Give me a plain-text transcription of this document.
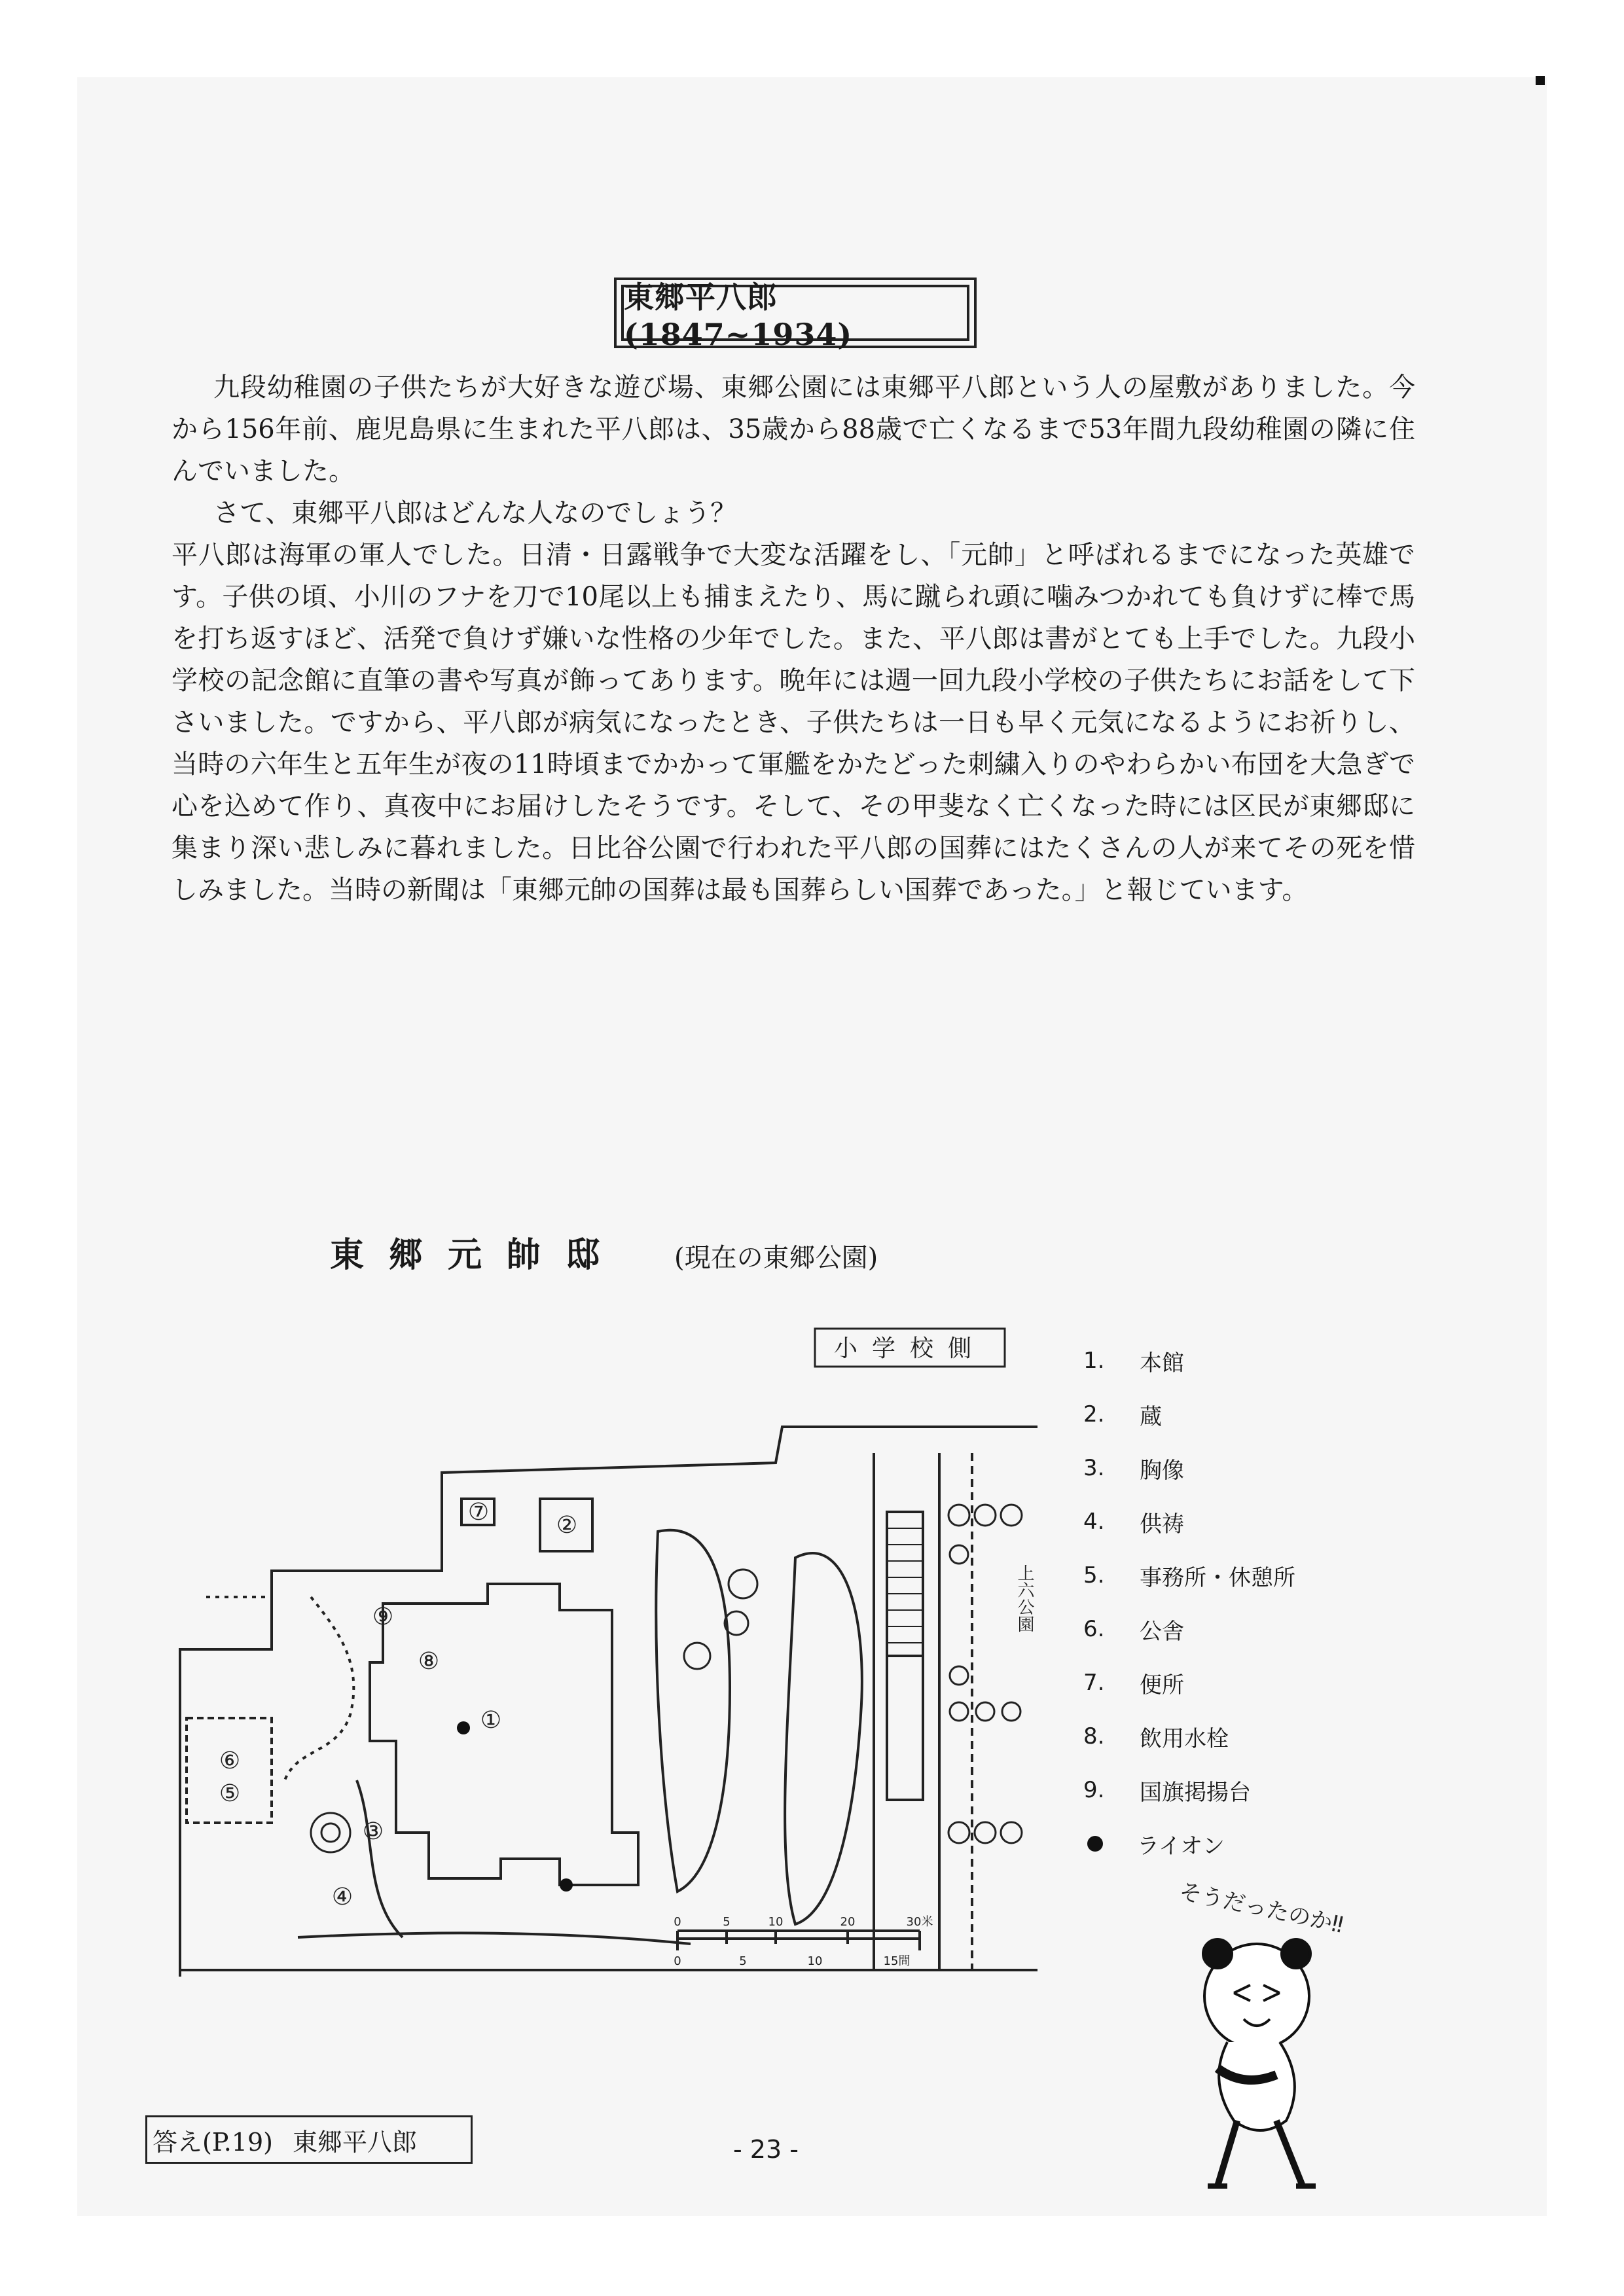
東郷平八郎(1847~1934)

九段幼稚園の子供たちが大好きな遊び場、東郷公園には東郷平八郎という人の屋敷がありました。今から156年前、鹿児島県に生まれた平八郎は、35歳から88歳で亡くなるまで53年間九段幼稚園の隣に住んでいました。

さて、東郷平八郎はどんな人なのでしょう？

平八郎は海軍の軍人でした。日清・日露戦争で大変な活躍をし、「元帥」と呼ばれるまでになった英雄です。子供の頃、小川のフナを刀で10尾以上も捕まえたり、馬に蹴られ頭に噛みつかれても負けずに棒で馬を打ち返すほど、活発で負けず嫌いな性格の少年でした。また、平八郎は書がとても上手でした。九段小学校の記念館に直筆の書や写真が飾ってあります。晩年には週一回九段小学校の子供たちにお話をして下さいました。ですから、平八郎が病気になったとき、子供たちは一日も早く元気になるようにお祈りし、当時の六年生と五年生が夜の11時頃までかかって軍艦をかたどった刺繍入りのやわらかい布団を大急ぎで心を込めて作り、真夜中にお届けしたそうです。そして、その甲斐なく亡くなった時には区民が東郷邸に集まり深い悲しみに暮れました。日比谷公園で行われた平八郎の国葬にはたくさんの人が来てその死を惜しみました。当時の新聞は「東郷元帥の国葬は最も国葬らしい国葬であった。」と報じています。

東郷元帥邸 (現在の東郷公園)
小学校側
上六公園
①
②
③
④
⑤
⑥
⑦
⑧
⑨
0	5	10	20	30米
0	5	10	15間
1.	本館
2.	蔵
3.	胸像
4.	供祷
5.	事務所・休憩所
6.	公舎
7.	便所
8.	飲用水栓
9.	国旗掲揚台
ライオン
そうだったのか‼
答え(P.19) 東郷平八郎	- 23 -
